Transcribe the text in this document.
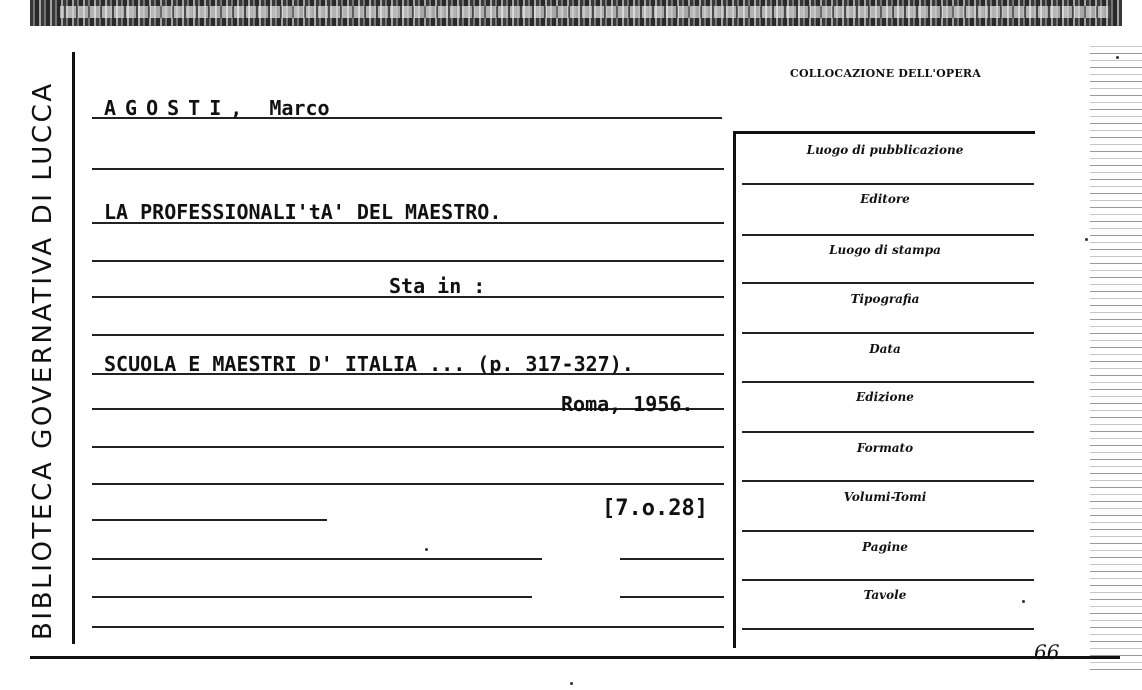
BIBLIOTECA GOVERNATIVA DI LUCCA AGOSTI, Marco
LA PROFESSIONALI'tA' DEL MAESTRO.
Sta in :
SCUOLA E MAESTRI D' ITALIA ... (p. 317-327).
Roma, 1956.
[7.o.28]
COLLOCAZIONE DELL'OPERA
Luogo di pubblicazione
Editore
Luogo di stampa
Tipografia
Data
Edizione
Formato
Volumi-Tomi
Pagine
Tavole
66
